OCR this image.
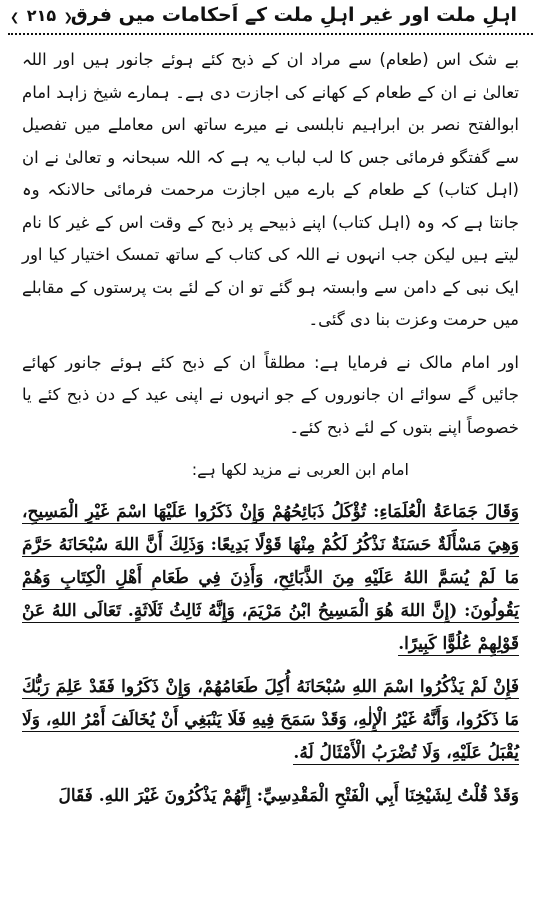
اہلِ ملت اور غیر اہلِ ملت کے اَحکامات میں فرق
❮ ۲۱۵ ❯

بے شک اس (طعام) سے مراد ان کے ذبح کئے ہوئے جانور ہیں اور اللہ تعالیٰ نے ان کے طعام کے کھانے کی اجازت دی ہے۔ ہمارے شیخ زاہد امام ابوالفتح نصر بن ابراہیم نابلسی نے میرے ساتھ اس معاملے میں تفصیل سے گفتگو فرمائی جس کا لب لباب یہ ہے کہ اللہ سبحانہ و تعالیٰ نے ان (اہل کتاب) کے طعام کے بارے میں اجازت مرحمت فرمائی حالانکہ وہ جانتا ہے کہ وہ (اہل کتاب) اپنے ذبیحے پر ذبح کے وقت اس کے غیر کا نام لیتے ہیں لیکن جب انہوں نے اللہ کی کتاب کے ساتھ تمسک اختیار کیا اور ایک نبی کے دامن سے وابستہ ہو گئے تو ان کے لئے بت پرستوں کے مقابلے میں حرمت وعزت بنا دی گئی۔

اور امام مالک نے فرمایا ہے: مطلقاً ان کے ذبح کئے ہوئے جانور کھائے جائیں گے سوائے ان جانوروں کے جو انہوں نے اپنی عید کے دن ذبح کئے یا خصوصاً اپنے بتوں کے لئے ذبح کئے۔

امام ابن العربی نے مزید لکھا ہے:

وَقَالَ جَمَاعَةُ الْعُلَمَاءِ: تُؤْكَلُ ذَبَائِحُهُمْ وَإِنْ ذَكَرُوا عَلَيْهَا اسْمَ غَيْرِ الْمَسِيحِ، وَهِيَ مَسْأَلَةٌ حَسَنَةٌ نَذْكُرُ لَكُمْ مِنْهَا قَوْلًا بَدِيعًا: وَذَلِكَ أَنَّ اللهَ سُبْحَانَهُ حَرَّمَ مَا لَمْ يُسَمَّ اللهُ عَلَيْهِ مِنَ الذَّبَائِحِ، وَأَذِنَ فِي طَعَامِ أَهْلِ الْكِتَابِ وَهُمْ يَقُولُونَ: (إِنَّ اللهَ هُوَ الْمَسِيحُ ابْنُ مَرْيَمَ، وَإِنَّهُ ثَالِثُ ثَلَاثَةٍ. تَعَالَى اللهُ عَنْ قَوْلِهِمْ عُلُوًّا كَبِيرًا.

فَإِنْ لَمْ يَذْكُرُوا اسْمَ اللهِ سُبْحَانَهُ أُكِلَ طَعَامُهُمْ، وَإِنْ ذَكَرُوا فَقَدْ عَلِمَ رَبُّكَ مَا ذَكَرُوا، وَأَنَّهُ غَيْرُ الْإِلٰهِ، وَقَدْ سَمَحَ فِيهِ فَلَا يَنْبَغِي أَنْ يُخَالَفَ أَمْرُ اللهِ، وَلَا يُقْبَلُ عَلَيْهِ، وَلَا تُضْرَبُ الْأَمْثَالُ لَهُ.

وَقَدْ قُلْتُ لِشَيْخِنَا أَبِي الْفَتْحِ الْمَقْدِسِيِّ: إِنَّهُمْ يَذْكُرُونَ غَيْرَ اللهِ. فَقَالَ
